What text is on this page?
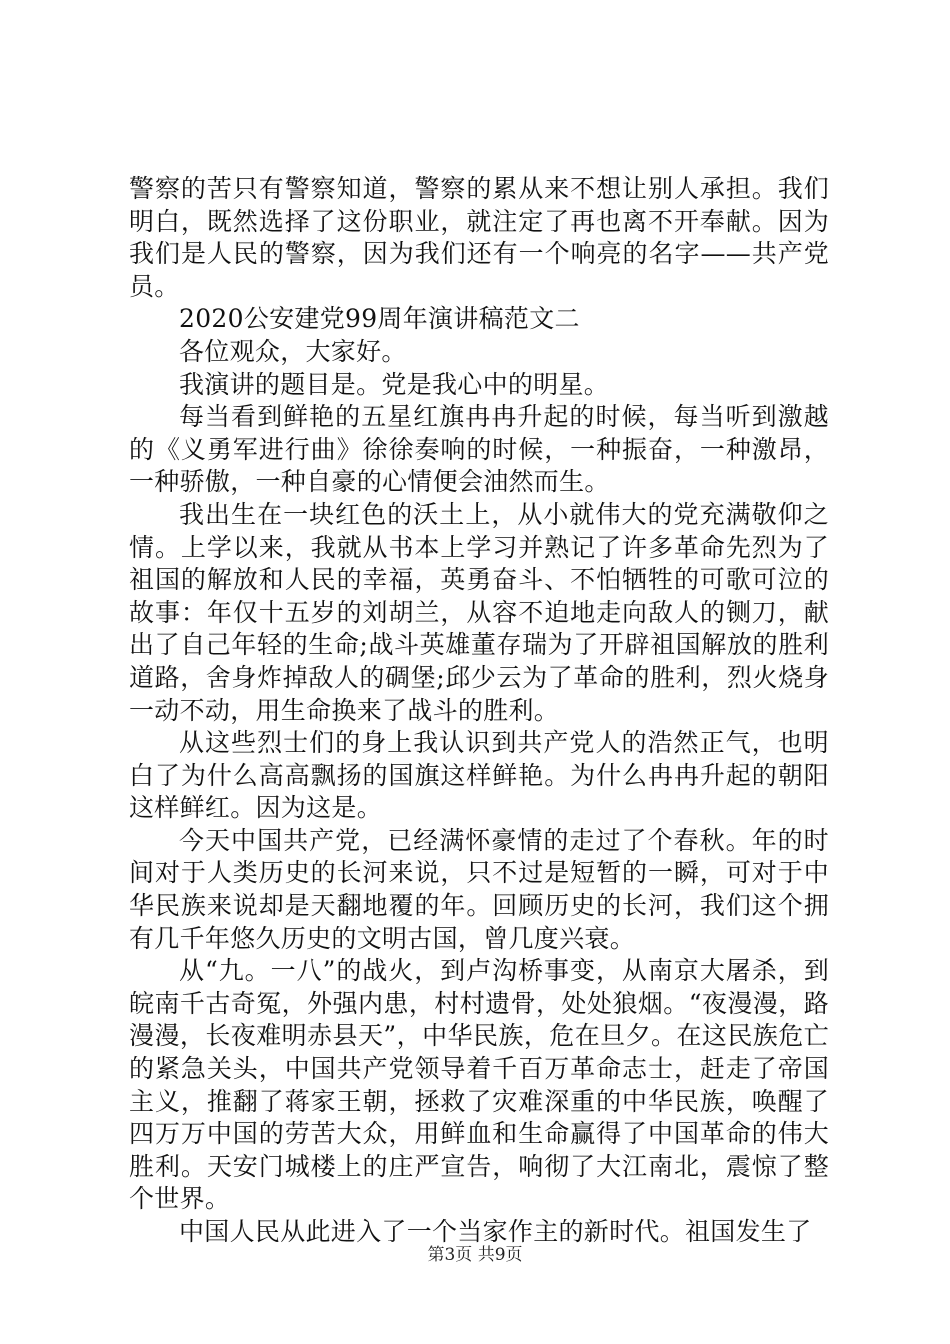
警察的苦只有警察知道，警察的累从来不想让别人承担。我们明白，既然选择了这份职业，就注定了再也离不开奉献。因为我们是人民的警察，因为我们还有一个响亮的名字——共产党员。

2020公安建党99周年演讲稿范文二

各位观众，大家好。

我演讲的题目是。党是我心中的明星。

每当看到鲜艳的五星红旗冉冉升起的时候，每当听到激越的《义勇军进行曲》徐徐奏响的时候，一种振奋，一种激昂，一种骄傲，一种自豪的心情便会油然而生。

我出生在一块红色的沃土上，从小就伟大的党充满敬仰之情。上学以来，我就从书本上学习并熟记了许多革命先烈为了祖国的解放和人民的幸福，英勇奋斗、不怕牺牲的可歌可泣的故事：年仅十五岁的刘胡兰，从容不迫地走向敌人的铡刀，献出了自己年轻的生命;战斗英雄董存瑞为了开辟祖国解放的胜利道路，舍身炸掉敌人的碉堡;邱少云为了革命的胜利，烈火烧身一动不动，用生命换来了战斗的胜利。

从这些烈士们的身上我认识到共产党人的浩然正气，也明白了为什么高高飘扬的国旗这样鲜艳。为什么冉冉升起的朝阳这样鲜红。因为这是。

今天中国共产党，已经满怀豪情的走过了个春秋。年的时间对于人类历史的长河来说，只不过是短暂的一瞬，可对于中华民族来说却是天翻地覆的年。回顾历史的长河，我们这个拥有几千年悠久历史的文明古国，曾几度兴衰。

从“九。一八”的战火，到卢沟桥事变，从南京大屠杀，到皖南千古奇冤，外强内患，村村遗骨，处处狼烟。“夜漫漫，路漫漫，长夜难明赤县天”，中华民族，危在旦夕。在这民族危亡的紧急关头，中国共产党领导着千百万革命志士，赶走了帝国主义，推翻了蒋家王朝，拯救了灾难深重的中华民族，唤醒了四万万中国的劳苦大众，用鲜血和生命赢得了中国革命的伟大胜利。天安门城楼上的庄严宣告，响彻了大江南北，震惊了整个世界。

中国人民从此进入了一个当家作主的新时代。祖国发生了

第3页 共9页
